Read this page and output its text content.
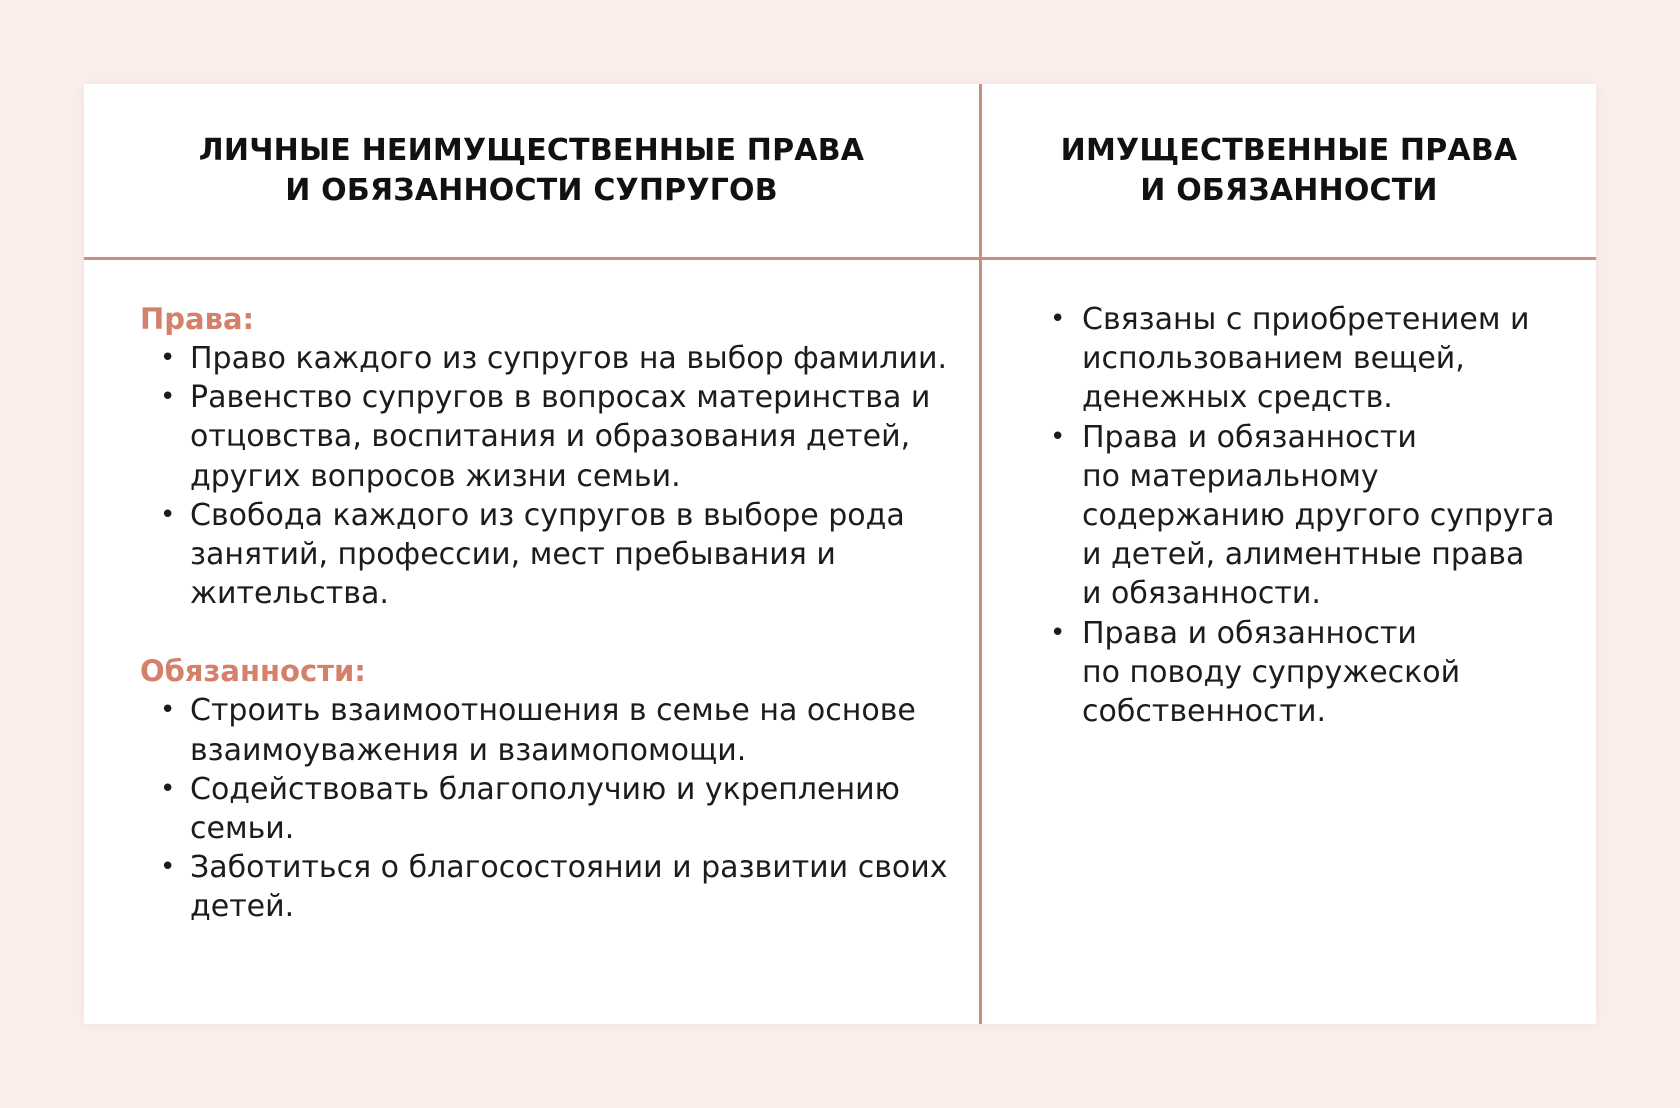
ЛИЧНЫЕ НЕИМУЩЕСТВЕННЫЕ ПРАВА
И ОБЯЗАННОСТИ СУПРУГОВ
ИМУЩЕСТВЕННЫЕ ПРАВА
И ОБЯЗАННОСТИ

Права:

• Право каждого из супругов на выбор фамилии.
• Равенство супругов в вопросах материнства и отцовства, воспитания и образования детей, других вопросов жизни семьи.
• Свобода каждого из супругов в выборе рода занятий, профессии, мест пребывания и жительства.

Обязанности:

• Строить взаимоотношения в семье на основе взаимоуважения и взаимопомощи.
• Содействовать благополучию и укреплению семьи.
• Заботиться о благосостоянии и развитии своих детей.
• Связаны с приобретением и
использованием вещей,
денежных средств.
• Права и обязанности
по материальному
содержанию другого супруга
и детей, алиментные права
и обязанности.
• Права и обязанности
по поводу супружеской
собственности.
